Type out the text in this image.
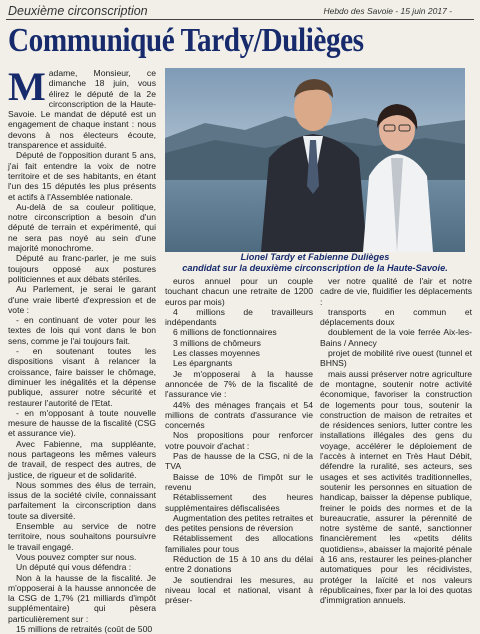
Deuxième circonscription	Hebdo des Savoie - 15 juin 2017 -
Communiqué Tardy/Dulièges
M adame, Monsieur, ce dimanche 18 juin, vous élirez le député de la 2e circonscription de la Haute-Savoie. Le mandat de député est un engagement de chaque instant : nous devons à nos électeurs écoute, transparence et assiduité.

Député de l'opposition durant 5 ans, j'ai fait entendre la voix de notre territoire et de ses habitants, en étant l'un des 15 députés les plus présents et actifs à l'Assemblée nationale.

Au-delà de sa couleur politique, notre circonscription a besoin d'un député de terrain et expérimenté, qui ne sera pas noyé au sein d'une majorité monochrome.

Député au franc-parler, je me suis toujours opposé aux postures politiciennes et aux débats stériles.

Au Parlement, je serai le garant d'une vraie liberté d'expression et de vote :

- en continuant de voter pour les textes de lois qui vont dans le bon sens, comme je l'ai toujours fait.

- en soutenant toutes les dispositions visant à relancer la croissance, faire baisser le chômage, diminuer les inégalités et la dépense publique, assurer notre sécurité et restaurer l'autorité de l'Etat.

- en m'opposant à toute nouvelle mesure de hausse de la fiscalité (CSG et assurance vie).

Avec Fabienne, ma suppléante, nous partageons les mêmes valeurs de travail, de respect des autres, de justice, de rigueur et de solidarité.

Nous sommes des élus de terrain, issus de la société civile, connaissant parfaitement la circonscription dans toute sa diversité.

Ensemble au service de notre territoire, nous souhaitons poursuivre le travail engagé.

Vous pouvez compter sur nous.

Un député qui vous défendra :

Non à la hausse de la fiscalité. Je m'opposerai à la hausse annoncée de la CSG de 1,7% (21 milliards d'impôt supplémentaire) qui pèsera particulièrement sur :

15 millions de retraités (coût de 500

Lionel Tardy et Fabienne Dulièges
candidat sur la deuxième circonscription de la Haute-Savoie.

euros annuel pour un couple touchant chacun une retraite de 1200 euros par mois)

4 millions de travailleurs indépendants

6 millions de fonctionnaires

3 millions de chômeurs

Les classes moyennes

Les épargnants

Je m'opposerai à la hausse annoncée de 7% de la fiscalité de l'assurance vie :

44% des ménages français et 54 millions de contrats d'assurance vie concernés

Nos propositions pour renforcer votre pouvoir d'achat :

Pas de hausse de la CSG, ni de la TVA

Baisse de 10% de l'impôt sur le revenu

Rétablissement des heures supplémentaires défiscalisées

Augmentation des petites retraites et des petites pensions de réversion

Rétablissement des allocations familiales pour tous

Réduction de 15 à 10 ans du délai entre 2 donations

Je soutiendrai les mesures, au niveau local et national, visant à préser-

ver notre qualité de l'air et notre cadre de vie, fluidifier les déplacements :

transports en commun et déplacements doux

doublement de la voie ferrée Aix-les-Bains / Annecy

projet de mobilité rive ouest (tunnel et BHNS)

mais aussi préserver notre agriculture de montagne, soutenir notre activité économique, favoriser la construction de logements pour tous, soutenir la construction de maison de retraites et de résidences seniors, lutter contre les installations illégales des gens du voyage, accélérer le déploiement de l'accès à internet en Très Haut Débit, défendre la ruralité, ses acteurs, ses usages et ses activités traditionnelles, soutenir les personnes en situation de handicap, baisser la dépense publique, freiner le poids des normes et de la bureaucratie, assurer la pérennité de notre système de santé, sanctionner financièrement les «petits délits quotidiens», abaisser la majorité pénale à 16 ans, restaurer les peines-plancher automatiques pour les récidivistes, protéger la laïcité et nos valeurs républicaines, fixer par la loi des quotas d'immigration annuels.
